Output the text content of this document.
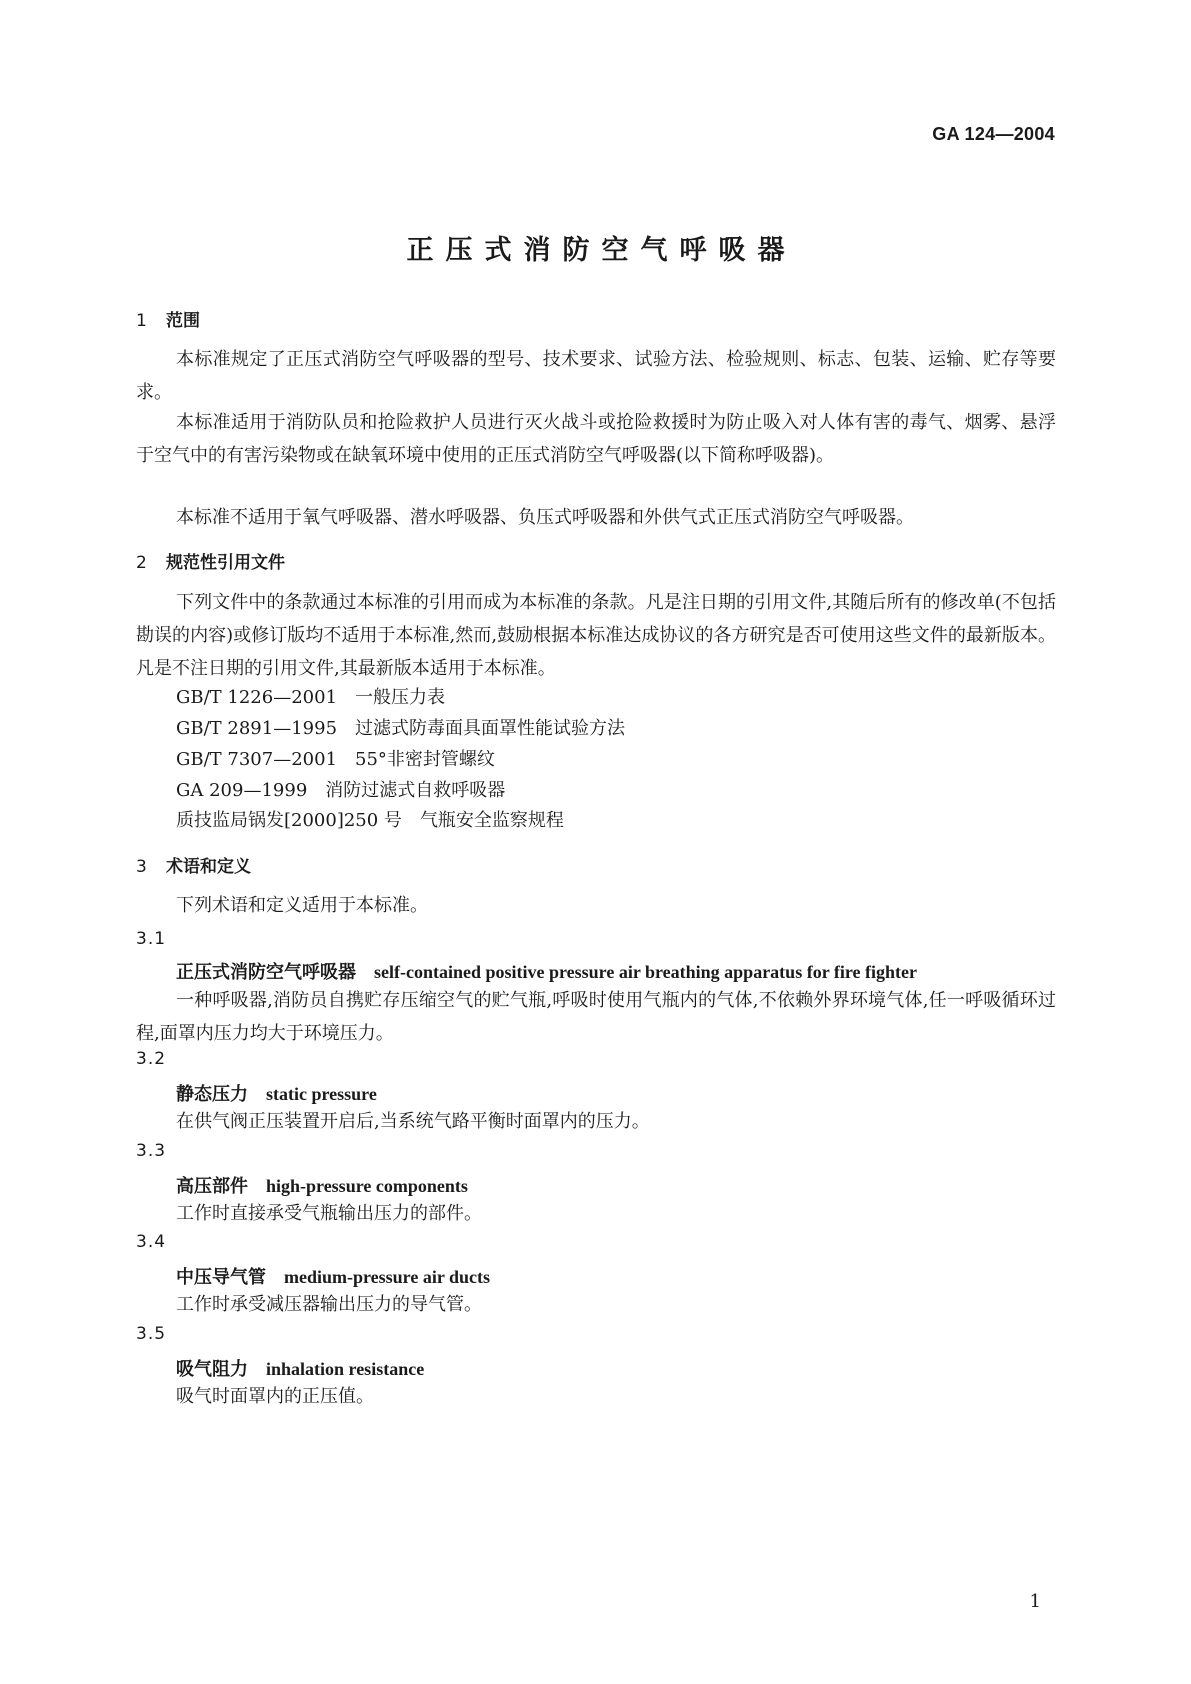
GA 124—2004
正压式消防空气呼吸器
1 范围
本标准规定了正压式消防空气呼吸器的型号、技术要求、试验方法、检验规则、标志、包装、运输、贮存等要求。
本标准适用于消防队员和抢险救护人员进行灭火战斗或抢险救援时为防止吸入对人体有害的毒气、烟雾、悬浮于空气中的有害污染物或在缺氧环境中使用的正压式消防空气呼吸器(以下简称呼吸器)。
本标准不适用于氧气呼吸器、潜水呼吸器、负压式呼吸器和外供气式正压式消防空气呼吸器。
2 规范性引用文件
下列文件中的条款通过本标准的引用而成为本标准的条款。凡是注日期的引用文件,其随后所有的修改单(不包括勘误的内容)或修订版均不适用于本标准,然而,鼓励根据本标准达成协议的各方研究是否可使用这些文件的最新版本。凡是不注日期的引用文件,其最新版本适用于本标准。
GB/T 1226—2001 一般压力表
GB/T 2891—1995 过滤式防毒面具面罩性能试验方法
GB/T 7307—2001 55°非密封管螺纹
GA 209—1999 消防过滤式自救呼吸器
质技监局锅发[2000]250 号 气瓶安全监察规程
3 术语和定义
下列术语和定义适用于本标准。
3.1
正压式消防空气呼吸器 self-contained positive pressure air breathing apparatus for fire fighter
一种呼吸器,消防员自携贮存压缩空气的贮气瓶,呼吸时使用气瓶内的气体,不依赖外界环境气体,任一呼吸循环过程,面罩内压力均大于环境压力。
3.2
静态压力 static pressure
在供气阀正压装置开启后,当系统气路平衡时面罩内的压力。
3.3
高压部件 high-pressure components
工作时直接承受气瓶输出压力的部件。
3.4
中压导气管 medium-pressure air ducts
工作时承受减压器输出压力的导气管。
3.5
吸气阻力 inhalation resistance
吸气时面罩内的正压值。
1
